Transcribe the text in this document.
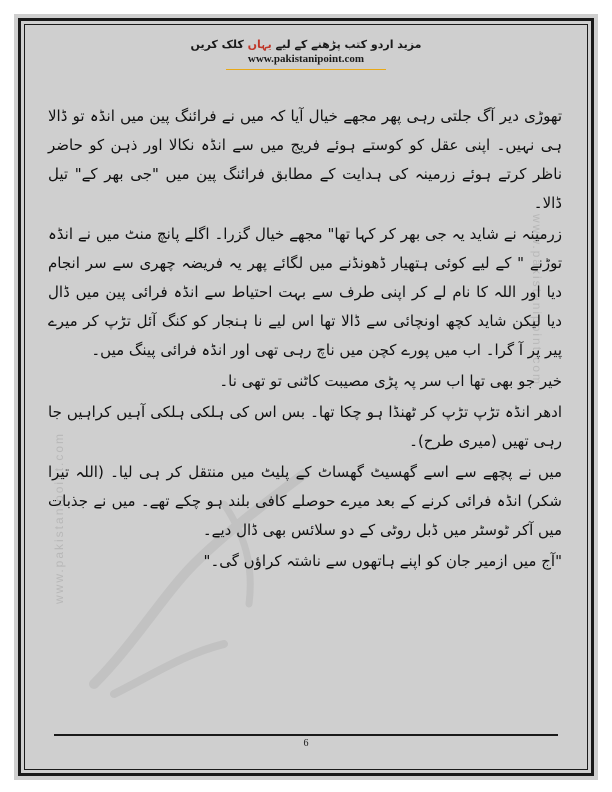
www.pakistanipoint.com
www.pakistanipoint.com
مزید اردو کتب پڑھنے کے لیے یہاں کلک کریں
www.pakistanipoint.com

تھوڑی دیر آگ جلتی رہی پھر مجھے خیال آیا کہ میں نے فرائنگ پین میں انڈہ تو ڈالا ہی نہیں۔ اپنی عقل کو کوستے ہوئے فریج میں سے انڈہ نکالا اور ذہن کو حاضر ناظر کرتے ہوئے زرمینہ کی ہدایت کے مطابق فرائنگ پین میں "جی بھر کے" تیل ڈالا۔

زرمینہ نے شاید یہ جی بھر کر کہا تھا" مجھے خیال گزرا۔ اگلے پانچ منٹ میں نے انڈہ توڑنے " کے لیے کوئی ہتھیار ڈھونڈنے میں لگائے پھر یہ فریضہ چھری سے سر انجام دیا اور اللہ کا نام لے کر اپنی طرف سے بہت احتیاط سے انڈہ فرائی پین میں ڈال دیا لیکن شاید کچھ اونچائی سے ڈالا تھا اس لیے نا ہنجار کو کنگ آئل تڑپ کر میرے پیر پر آ گرا۔ اب میں پورے کچن میں ناچ رہی تھی اور انڈہ فرائی پینگ میں۔

خیر جو بھی تھا اب سر پہ پڑی مصیبت کاٹنی تو تھی نا۔

ادھر انڈہ تڑپ تڑپ کر ٹھنڈا ہو چکا تھا۔ بس اس کی ہلکی ہلکی آہیں کراہیں جا رہی تھیں (میری طرح)۔

میں نے پچھے سے اسے گھسیٹ گھساٹ کے پلیٹ میں منتقل کر ہی لیا۔ (اللہ تیرا شکر) انڈہ فرائی کرنے کے بعد میرے حوصلے کافی بلند ہو چکے تھے۔ میں نے جذبات میں آکر ٹوسٹر میں ڈبل روٹی کے دو سلائس بھی ڈال دیے۔

"آج میں ازمیر جان کو اپنے ہاتھوں سے ناشتہ کراؤں گی۔"

6
